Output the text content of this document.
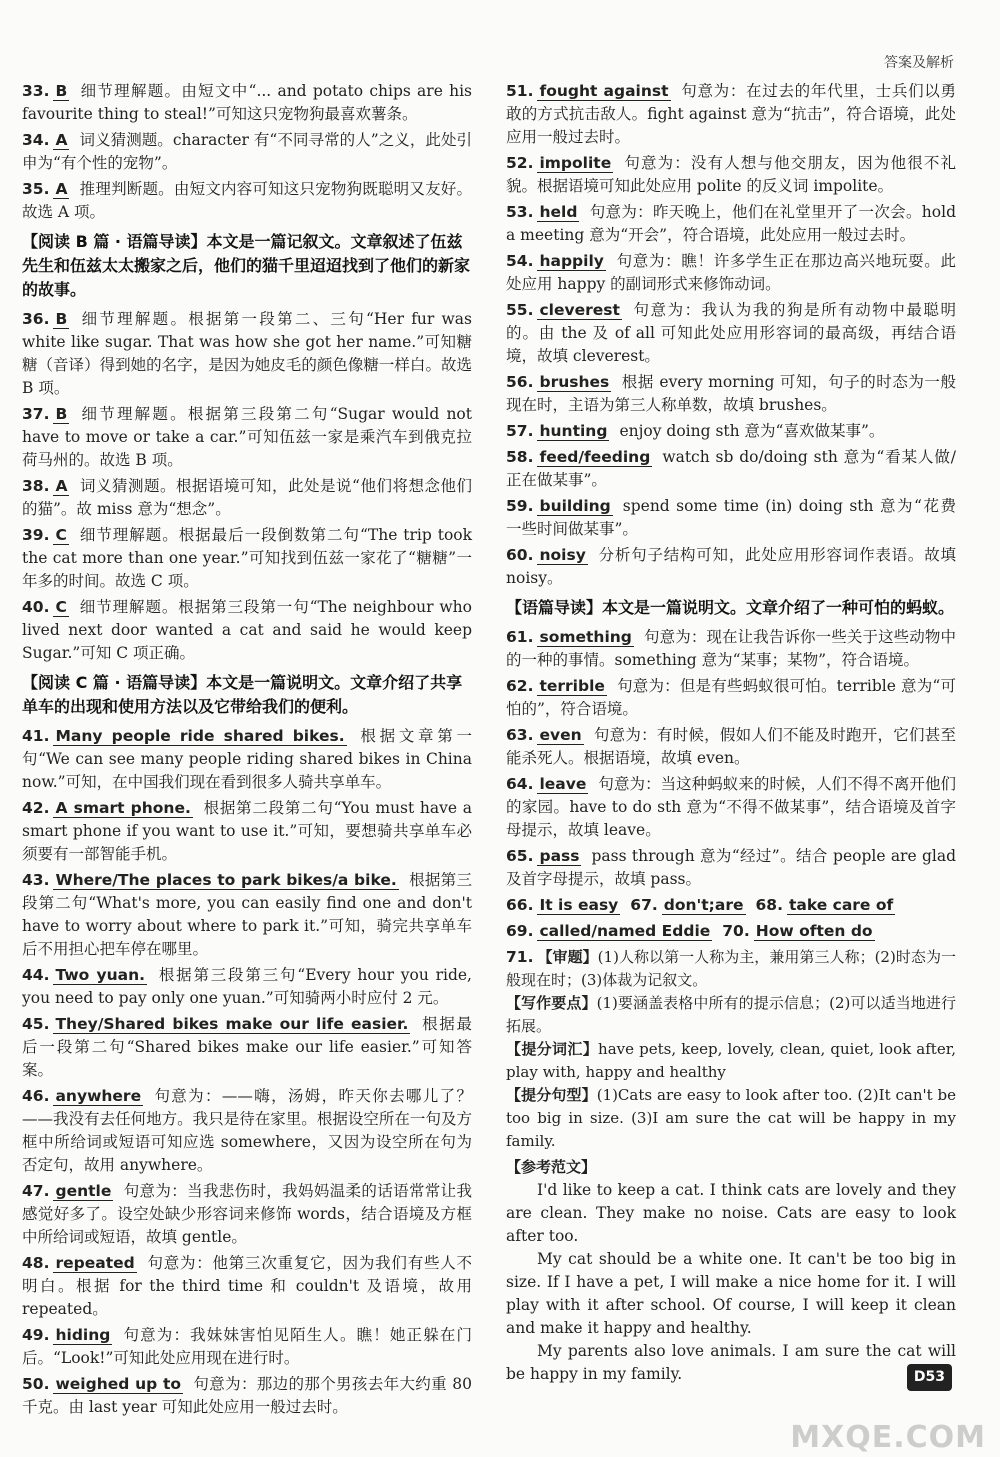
答案及解析
33. B 细节理解题。由短文中“... and potato chips are his favourite thing to steal!”可知这只宠物狗最喜欢薯条。
34. A 词义猜测题。character 有“不同寻常的人”之义，此处引申为“有个性的宠物”。
35. A 推理判断题。由短文内容可知这只宠物狗既聪明又友好。故选 A 项。
【阅读 B 篇 · 语篇导读】本文是一篇记叙文。文章叙述了伍兹先生和伍兹太太搬家之后，他们的猫千里迢迢找到了他们的新家的故事。
36. B 细节理解题。根据第一段第二、三句“Her fur was white like sugar. That was how she got her name.”可知糖糖（音译）得到她的名字，是因为她皮毛的颜色像糖一样白。故选 B 项。
37. B 细节理解题。根据第三段第二句“Sugar would not have to move or take a car.”可知伍兹一家是乘汽车到俄克拉荷马州的。故选 B 项。
38. A 词义猜测题。根据语境可知，此处是说“他们将想念他们的猫”。故 miss 意为“想念”。
39. C 细节理解题。根据最后一段倒数第二句“The trip took the cat more than one year.”可知找到伍兹一家花了“糖糖”一年多的时间。故选 C 项。
40. C 细节理解题。根据第三段第一句“The neighbour who lived next door wanted a cat and said he would keep Sugar.”可知 C 项正确。
【阅读 C 篇 · 语篇导读】本文是一篇说明文。文章介绍了共享单车的出现和使用方法以及它带给我们的便利。
41. Many people ride shared bikes. 根据文章第一句“We can see many people riding shared bikes in China now.”可知，在中国我们现在看到很多人骑共享单车。
42. A smart phone. 根据第二段第二句“You must have a smart phone if you want to use it.”可知，要想骑共享单车必须要有一部智能手机。
43. Where/The places to park bikes/a bike. 根据第三段第二句“What's more, you can easily find one and don't have to worry about where to park it.”可知，骑完共享单车后不用担心把车停在哪里。
44. Two yuan. 根据第三段第三句“Every hour you ride, you need to pay only one yuan.”可知骑两小时应付 2 元。
45. They/Shared bikes make our life easier. 根据最后一段第二句“Shared bikes make our life easier.”可知答案。
46. anywhere 句意为：——嗨，汤姆，昨天你去哪儿了？——我没有去任何地方。我只是待在家里。根据设空所在一句及方框中所给词或短语可知应选 somewhere，又因为设空所在句为否定句，故用 anywhere。
47. gentle 句意为：当我悲伤时，我妈妈温柔的话语常常让我感觉好多了。设空处缺少形容词来修饰 words，结合语境及方框中所给词或短语，故填 gentle。
48. repeated 句意为：他第三次重复它，因为我们有些人不明白。根据 for the third time 和 couldn't 及语境，故用 repeated。
49. hiding 句意为：我妹妹害怕见陌生人。瞧！她正躲在门后。“Look!”可知此处应用现在进行时。
50. weighed up to 句意为：那边的那个男孩去年大约重 80 千克。由 last year 可知此处应用一般过去时。
51. fought against 句意为：在过去的年代里，士兵们以勇敢的方式抗击敌人。fight against 意为“抗击”，符合语境，此处应用一般过去时。
52. impolite 句意为：没有人想与他交朋友，因为他很不礼貌。根据语境可知此处应用 polite 的反义词 impolite。
53. held 句意为：昨天晚上，他们在礼堂里开了一次会。hold a meeting 意为“开会”，符合语境，此处应用一般过去时。
54. happily 句意为：瞧！许多学生正在那边高兴地玩耍。此处应用 happy 的副词形式来修饰动词。
55. cleverest 句意为：我认为我的狗是所有动物中最聪明的。由 the 及 of all 可知此处应用形容词的最高级，再结合语境，故填 cleverest。
56. brushes 根据 every morning 可知，句子的时态为一般现在时，主语为第三人称单数，故填 brushes。
57. hunting enjoy doing sth 意为“喜欢做某事”。
58. feed/feeding watch sb do/doing sth 意为“看某人做/正在做某事”。
59. building spend some time (in) doing sth 意为“花费一些时间做某事”。
60. noisy 分析句子结构可知，此处应用形容词作表语。故填 noisy。
【语篇导读】本文是一篇说明文。文章介绍了一种可怕的蚂蚁。
61. something 句意为：现在让我告诉你一些关于这些动物中的一种的事情。something 意为“某事；某物”，符合语境。
62. terrible 句意为：但是有些蚂蚁很可怕。terrible 意为“可怕的”，符合语境。
63. even 句意为：有时候，假如人们不能及时跑开，它们甚至能杀死人。根据语境，故填 even。
64. leave 句意为：当这种蚂蚁来的时候，人们不得不离开他们的家园。have to do sth 意为“不得不做某事”，结合语境及首字母提示，故填 leave。
65. pass pass through 意为“经过”。结合 people are glad 及首字母提示，故填 pass。
66. It is easy 67. don't;are 68. take care of
69. called/named Eddie 70. How often do
71. 【审题】(1)人称以第一人称为主，兼用第三人称；(2)时态为一般现在时；(3)体裁为记叙文。
【写作要点】(1)要涵盖表格中所有的提示信息；(2)可以适当地进行拓展。
【提分词汇】have pets, keep, lovely, clean, quiet, look after, play with, happy and healthy
【提分句型】(1)Cats are easy to look after too. (2)It can't be too big in size. (3)I am sure the cat will be happy in my family.
【参考范文】

I'd like to keep a cat. I think cats are lovely and they are clean. They make no noise. Cats are easy to look after too.

My cat should be a white one. It can't be too big in size. If I have a pet, I will make a nice home for it. I will play with it after school. Of course, I will keep it clean and make it happy and healthy.

My parents also love animals. I am sure the cat will be happy in my family.	D53
MXQE.COM
